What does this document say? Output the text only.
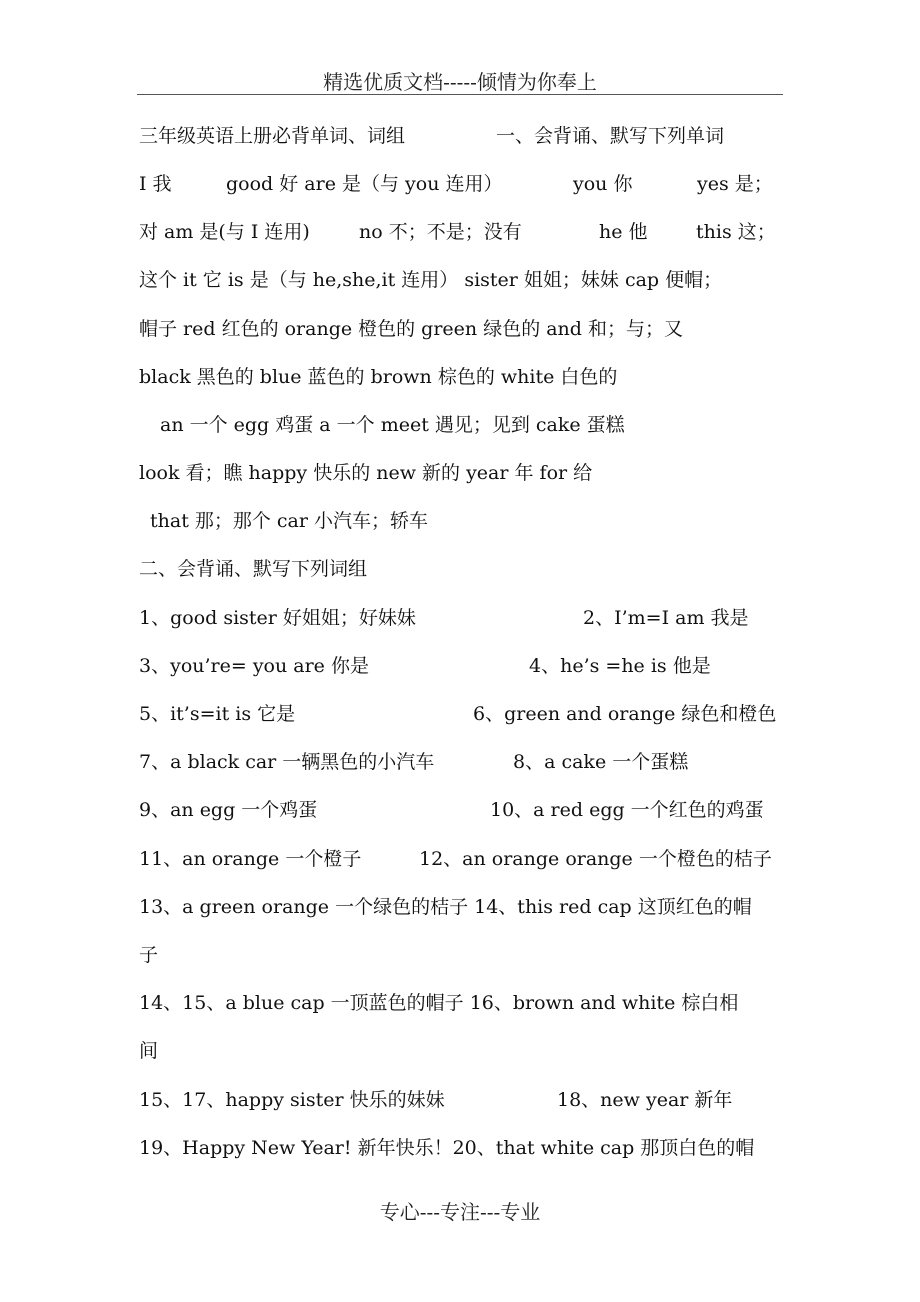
精选优质文档-----倾情为你奉上
三年级英语上册必背单词、词组	一、会背诵、默写下列单词
I 我	good 好 are 是（与 you 连用）	you 你	yes 是；
对 am 是(与 I 连用)	no 不；不是；没有	he 他	this 这；
这个 it 它 is 是（与 he,she,it 连用） sister 姐姐；妹妹 cap 便帽；
帽子 red 红色的 orange 橙色的 green 绿色的 and 和；与；又
black 黑色的 blue 蓝色的 brown 棕色的 white 白色的
an 一个 egg 鸡蛋 a 一个 meet 遇见；见到 cake 蛋糕
look 看；瞧 happy 快乐的 new 新的 year 年 for 给
that 那；那个 car 小汽车；轿车
二、会背诵、默写下列词组
1、good sister 好姐姐；好妹妹	2、I’m=I am 我是
3、you’re= you are 你是	4、he’s =he is 他是
5、it’s=it is 它是	6、green and orange 绿色和橙色
7、a black car 一辆黑色的小汽车	8、a cake 一个蛋糕
9、an egg 一个鸡蛋	10、a red egg 一个红色的鸡蛋
11、an orange 一个橙子	12、an orange orange 一个橙色的桔子
13、a green orange 一个绿色的桔子 14、this red cap 这顶红色的帽
子
14、15、a blue cap 一顶蓝色的帽子 16、brown and white 棕白相
间
15、17、happy sister 快乐的妹妹	18、new year 新年
19、Happy New Year! 新年快乐！20、that white cap 那顶白色的帽
专心---专注---专业
